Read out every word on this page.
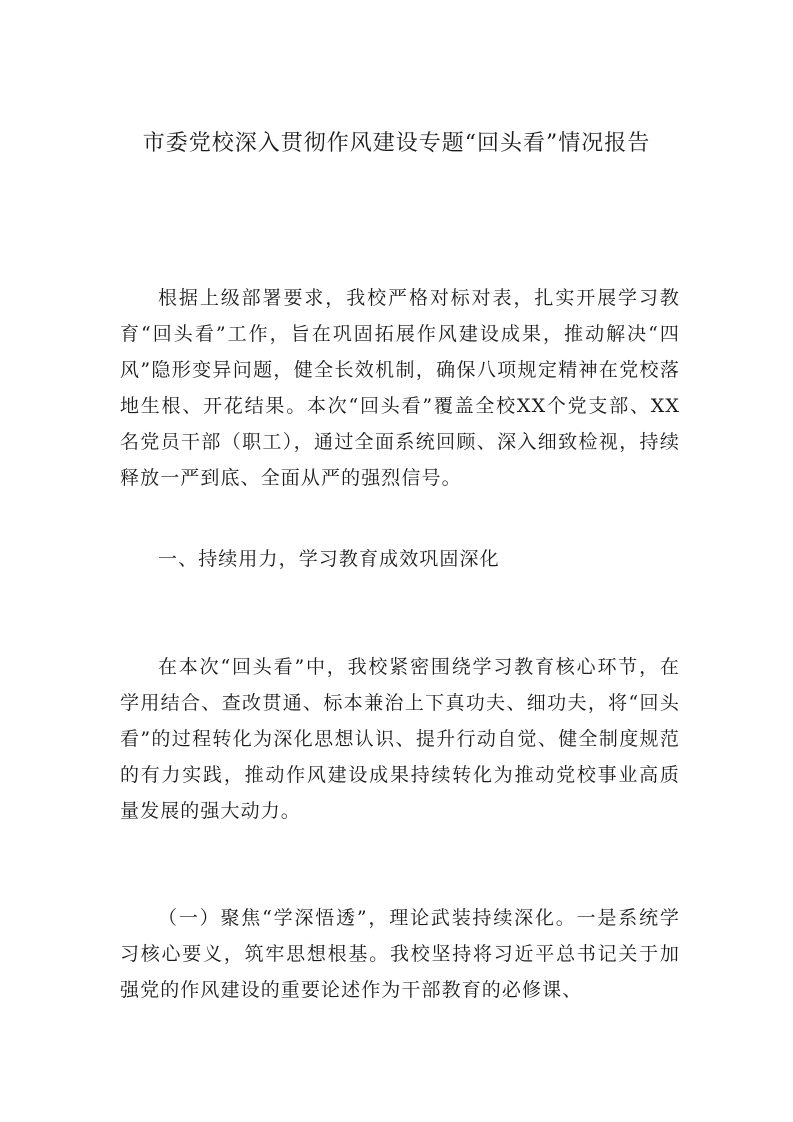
市委党校深入贯彻作风建设专题“回头看”情况报告

根据上级部署要求，我校严格对标对表，扎实开展学习教育“回头看”工作，旨在巩固拓展作风建设成果，推动解决“四风”隐形变异问题，健全长效机制，确保八项规定精神在党校落地生根、开花结果。本次“回头看”覆盖全校XX个党支部、XX名党员干部（职工），通过全面系统回顾、深入细致检视，持续释放一严到底、全面从严的强烈信号。

一、持续用力，学习教育成效巩固深化

在本次“回头看”中，我校紧密围绕学习教育核心环节，在学用结合、查改贯通、标本兼治上下真功夫、细功夫，将“回头看”的过程转化为深化思想认识、提升行动自觉、健全制度规范的有力实践，推动作风建设成果持续转化为推动党校事业高质量发展的强大动力。

（一）聚焦“学深悟透”，理论武装持续深化。一是系统学习核心要义，筑牢思想根基。我校坚持将习近平总书记关于加强党的作风建设的重要论述作为干部教育的必修课、
